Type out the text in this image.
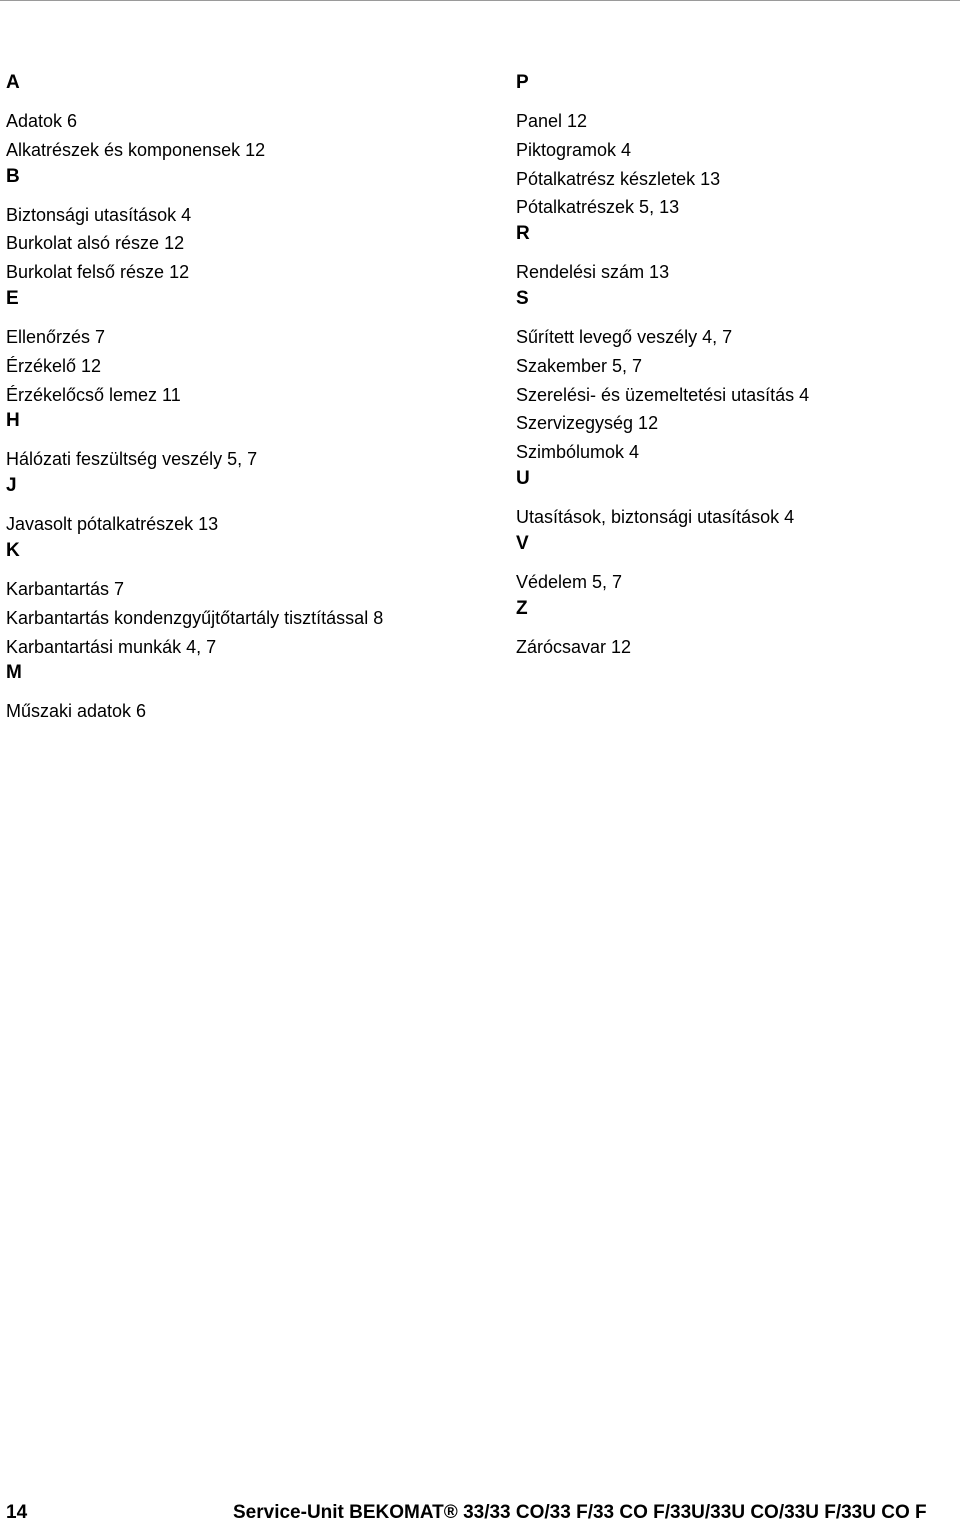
A
Adatok 6
Alkatrészek és komponensek 12
B
Biztonsági utasítások 4
Burkolat alsó része 12
Burkolat felső része 12
E
Ellenőrzés 7
Érzékelő 12
Érzékelőcső lemez 11
H
Hálózati feszültség veszély 5, 7
J
Javasolt pótalkatrészek 13
K
Karbantartás 7
Karbantartás kondenzgyűjtőtartály tisztítással 8
Karbantartási munkák 4, 7
M
Műszaki adatok 6
P
Panel 12
Piktogramok 4
Pótalkatrész készletek 13
Pótalkatrészek 5, 13
R
Rendelési szám 13
S
Sűrített levegő veszély 4, 7
Szakember 5, 7
Szerelési- és üzemeltetési utasítás 4
Szervizegység 12
Szimbólumok 4
U
Utasítások, biztonsági utasítások 4
V
Védelem 5, 7
Z
Zárócsavar 12
14	Service-Unit BEKOMAT® 33/33 CO/33 F/33 CO F/33U/33U CO/33U F/33U CO F
